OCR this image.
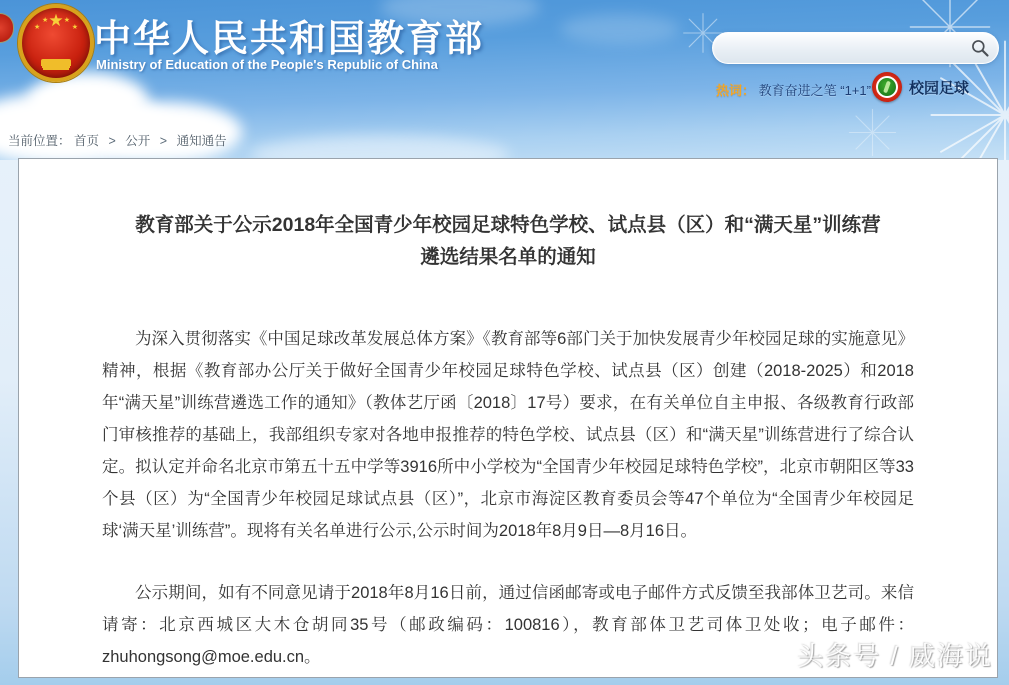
★
★
★ ★
★ 中华人民共和国教育部
Ministry of Education of the People's Republic of China
热词： 教育奋进之笔 “1+1”	校园足球
当前位置： 首页 > 公开 > 通知通告
教育部关于公示2018年全国青少年校园足球特色学校、试点县（区）和“满天星”训练营
遴选结果名单的通知

为深入贯彻落实《中国足球改革发展总体方案》《教育部等6部门关于加快发展青少年校园足球的实施意见》精神，根据《教育部办公厅关于做好全国青少年校园足球特色学校、试点县（区）创建（2018-2025）和2018年“满天星”训练营遴选工作的通知》（教体艺厅函〔2018〕17号）要求，在有关单位自主申报、各级教育行政部门审核推荐的基础上，我部组织专家对各地申报推荐的特色学校、试点县（区）和“满天星”训练营进行了综合认定。拟认定并命名北京市第五十五中学等3916所中小学校为“全国青少年校园足球特色学校”，北京市朝阳区等33个县（区）为“全国青少年校园足球试点县（区）”，北京市海淀区教育委员会等47个单位为“全国青少年校园足球‘满天星’训练营”。现将有关名单进行公示,公示时间为2018年8月9日—8月16日。

公示期间，如有不同意见请于2018年8月16日前，通过信函邮寄或电子邮件方式反馈至我部体卫艺司。来信请寄：北京西城区大木仓胡同35号（邮政编码：100816），教育部体卫艺司体卫处收；电子邮件：zhuhongsong@moe.edu.cn。	头条号 / 威海说
